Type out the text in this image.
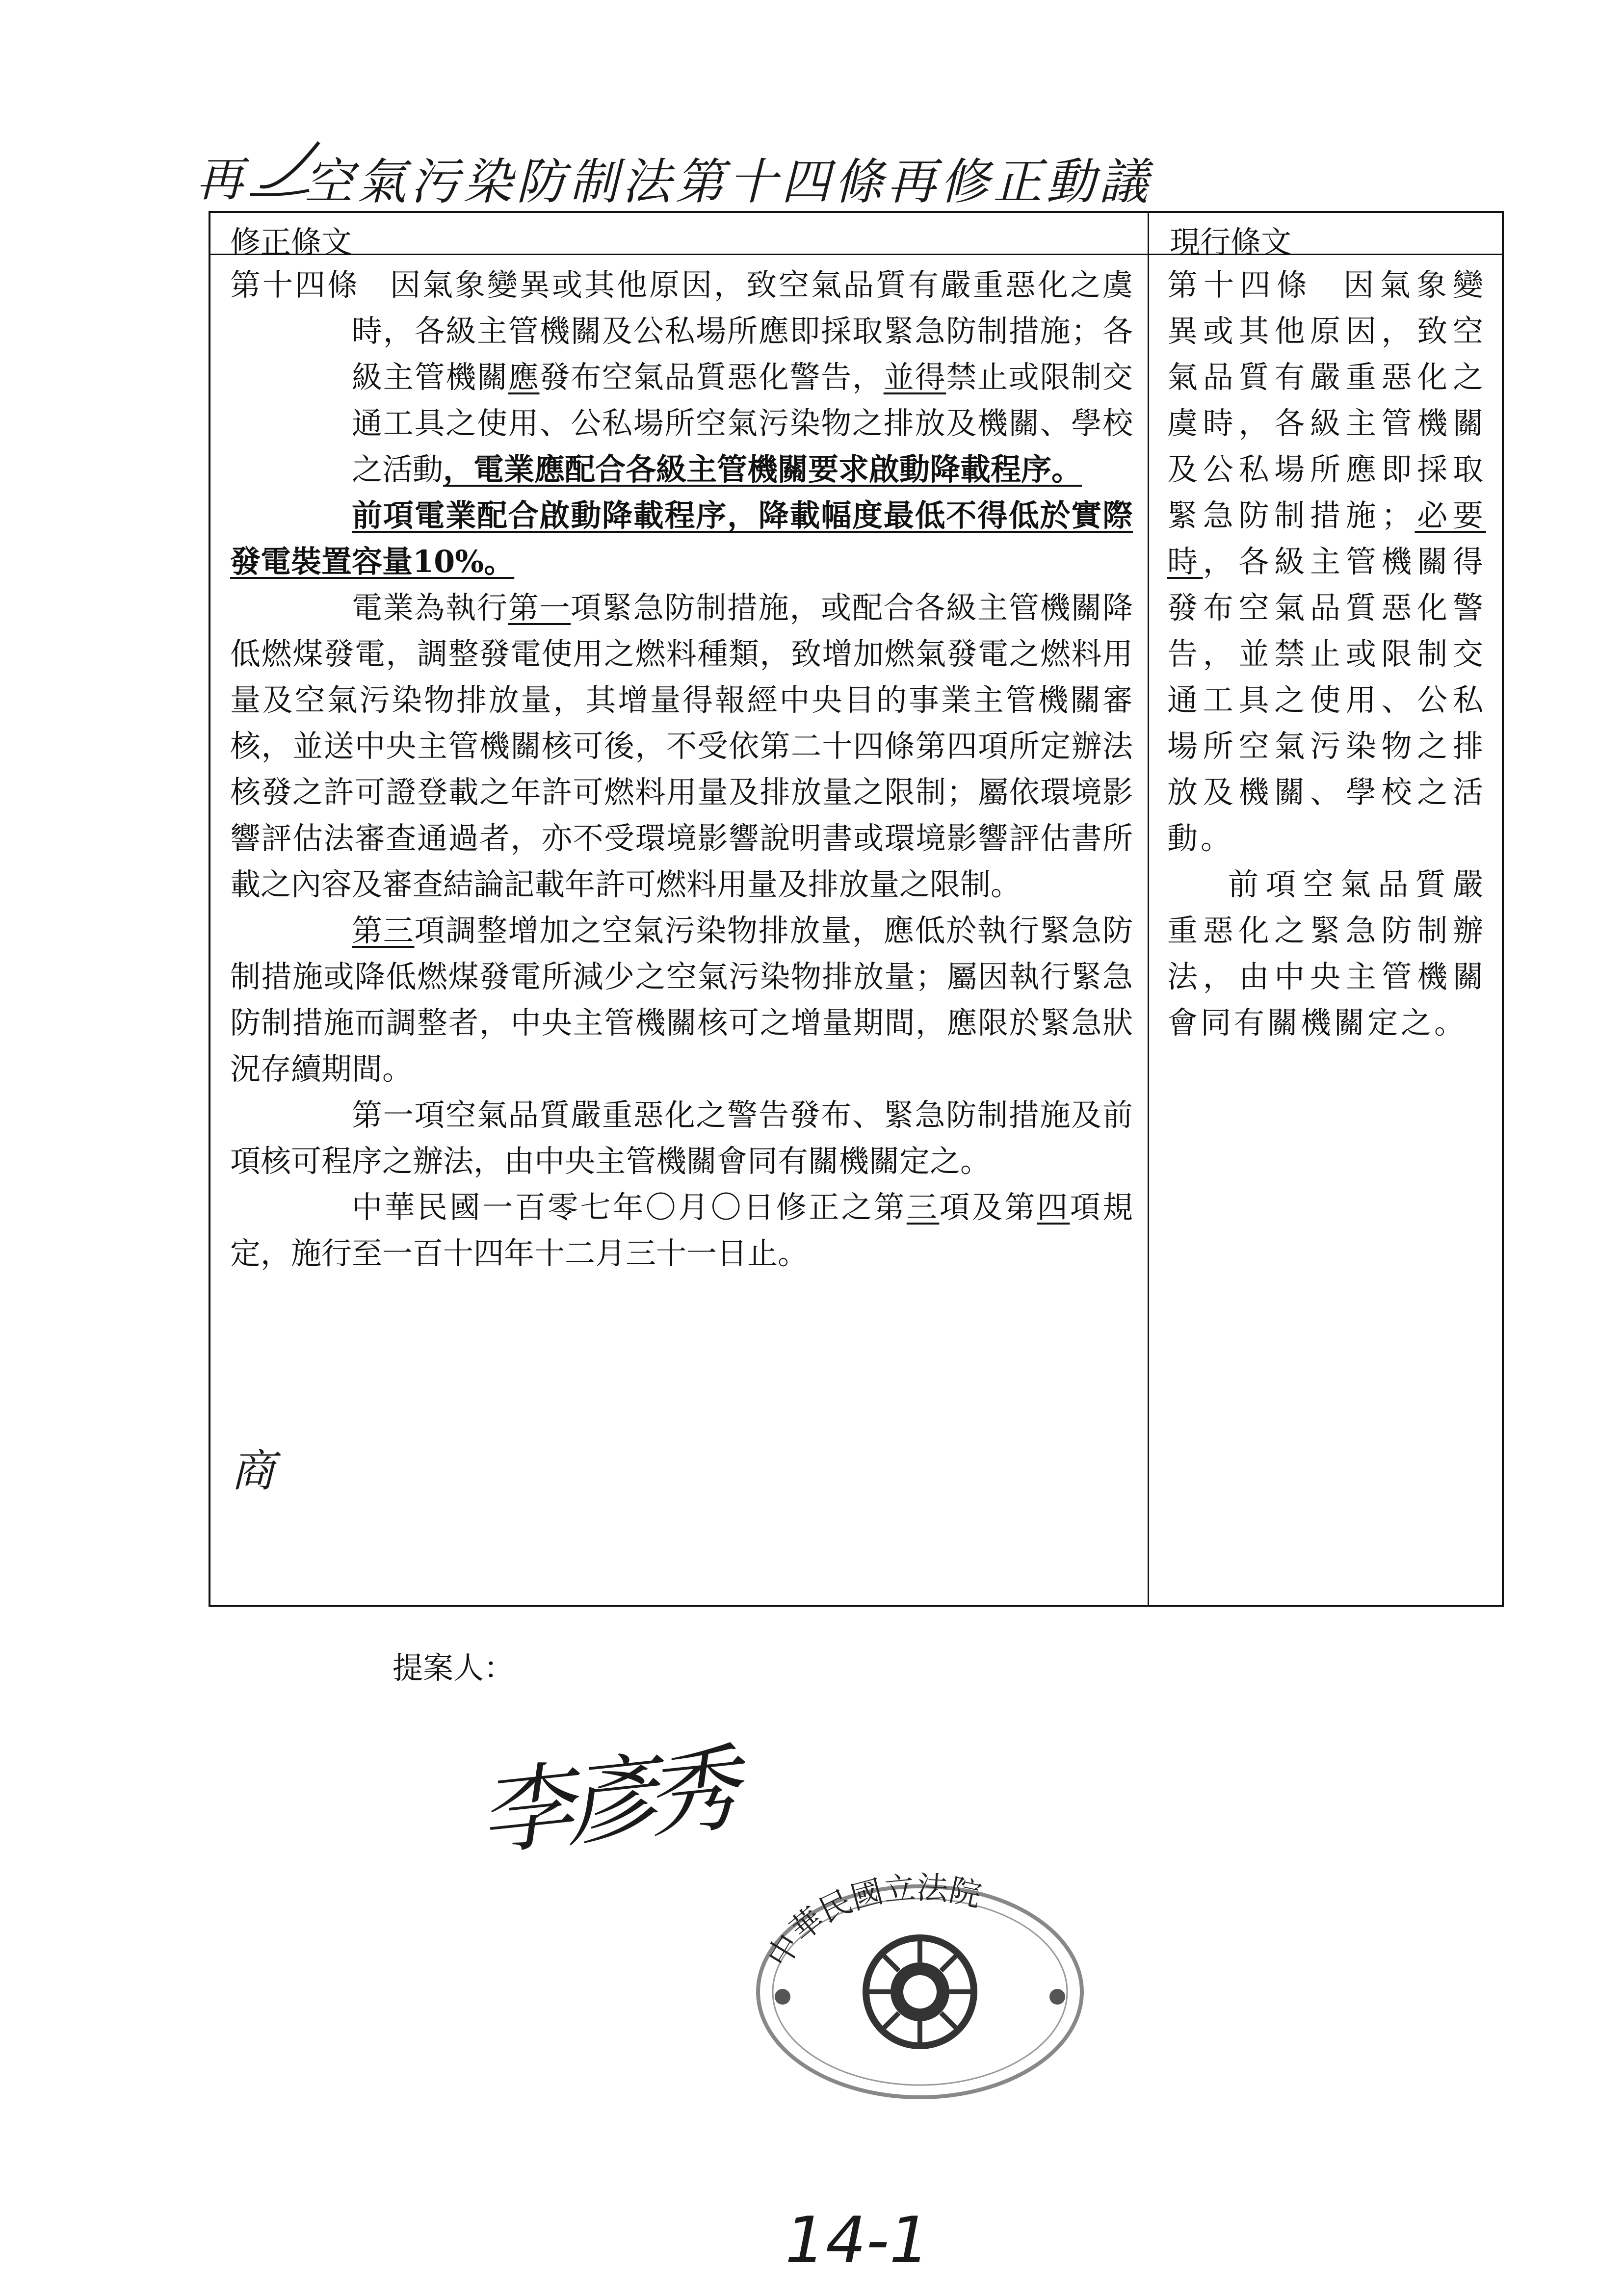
再 空氣污染防制法第十四條再修正動議
修正條文	現行條文

第十四條 因氣象變異或其他原因，致空氣品質有嚴重惡化之虞時，各級主管機關及公私場所應即採取緊急防制措施；各級主管機關應發布空氣品質惡化警告，並得禁止或限制交通工具之使用、公私場所空氣污染物之排放及機關、學校之活動，電業應配合各級主管機關要求啟動降載程序。

前項電業配合啟動降載程序，降載幅度最低不得低於實際發電裝置容量10%。

電業為執行第一項緊急防制措施，或配合各級主管機關降低燃煤發電，調整發電使用之燃料種類，致增加燃氣發電之燃料用量及空氣污染物排放量，其增量得報經中央目的事業主管機關審核，並送中央主管機關核可後，不受依第二十四條第四項所定辦法核發之許可證登載之年許可燃料用量及排放量之限制；屬依環境影響評估法審查通過者，亦不受環境影響說明書或環境影響評估書所載之內容及審查結論記載年許可燃料用量及排放量之限制。

第三項調整增加之空氣污染物排放量，應低於執行緊急防制措施或降低燃煤發電所減少之空氣污染物排放量；屬因執行緊急防制措施而調整者，中央主管機關核可之增量期間，應限於緊急狀況存續期間。

第一項空氣品質嚴重惡化之警告發布、緊急防制措施及前項核可程序之辦法，由中央主管機關會同有關機關定之。

中華民國一百零七年〇月〇日修正之第三項及第四項規定，施行至一百十四年十二月三十一日止。

第十四條 因氣象變異或其他原因，致空氣品質有嚴重惡化之虞時，各級主管機關及公私場所應即採取緊急防制措施；必要時，各級主管機關得發布空氣品質惡化警告，並禁止或限制交通工具之使用、公私場所空氣污染物之排放及機關、學校之活動。

前項空氣品質嚴重惡化之緊急防制辦法，由中央主管機關會同有關機關定之。

商
提案人：
李彥秀
中華民國立法院
14-1
